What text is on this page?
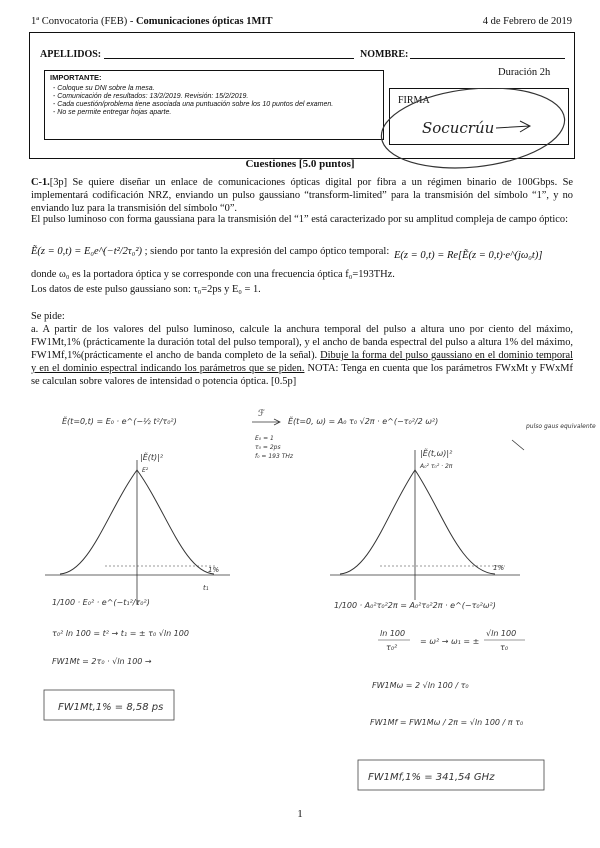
1ª Convocatoria (FEB) - Comunicaciones ópticas 1MIT	4 de Febrero de 2019
APELLIDOS:	NOMBRE:
Duración 2h
IMPORTANTE:
- Coloque su DNI sobre la mesa.
- Comunicación de resultados: 13/2/2019. Revisión: 15/2/2019.
- Cada cuestión/problema tiene asociada una puntuación sobre los 10 puntos del examen.
- No se permite entregar hojas aparte.
FIRMA
Socucrúu
Cuestiones [5.0 puntos]
C-1.[3p] Se quiere diseñar un enlace de comunicaciones ópticas digital por fibra a un régimen binario de 100Gbps. Se implementará codificación NRZ, enviando un pulso gaussiano “transform-limited” para la transmisión del símbolo “1”, y no enviando luz para la transmisión del símbolo “0”.
El pulso luminoso con forma gaussiana para la transmisión del “1” está caracterizado por su amplitud compleja de campo óptico:
Ẽ(z = 0,t) = E₀e^(−t²/2τ₀²) ; siendo por tanto la expresión del campo óptico temporal: E(z = 0,t) = Re[Ẽ(z = 0,t)·e^(jω₀t)]
donde ω₀ es la portadora óptica y se corresponde con una frecuencia óptica f₀=193THz.
Los datos de este pulso gaussiano son: τ₀=2ps y E₀ = 1.
Se pide:
a. A partir de los valores del pulso luminoso, calcule la anchura temporal del pulso a altura uno por ciento del máximo, FW1Mt,1% (prácticamente la duración total del pulso temporal), y el ancho de banda espectral del pulso a altura 1% del máximo, FW1Mf,1%(prácticamente el ancho de banda completo de la señal). Dibuje la forma del pulso gaussiano en el dominio temporal y en el dominio espectral indicando los parámetros que se piden. NOTA: Tenga en cuenta que los parámetros FWxMt y FWxMf se calculan sobre valores de intensidad o potencia óptica. [0.5p]
Ẽ(t=0,t) = E₀ · e^(−½ t²/τ₀²)
ℱ
E₀ = 1
τ₀ = 2ps
f₀ = 193 THz
Ẽ(t=0, ω) = A₀ τ₀ √2π · e^(−τ₀²/2 ω²)
pulso gaus equivalente
|Ẽ(t)|²
E²
1%
t₁
1/100 · E₀² · e^(−t₁²/τ₀²)
τ₀² ln 100 = t² → t₁ = ± τ₀ √ln 100
FW1Mt = 2τ₀ · √ln 100 →
FW1Mt,1% = 8,58 ps
|Ẽ(t,ω)|²
A₀² τ₀² · 2π
1%
1/100 · A₀²τ₀²2π = A₀²τ₀²2π · e^(−τ₀²ω²)
ln 100
τ₀²
= ω² → ω₁ = ±
√ln 100
τ₀
FW1Mω = 2 √ln 100 / τ₀
FW1Mf = FW1Mω / 2π = √ln 100 / π τ₀
FW1Mf,1% = 341,54 GHz
1
